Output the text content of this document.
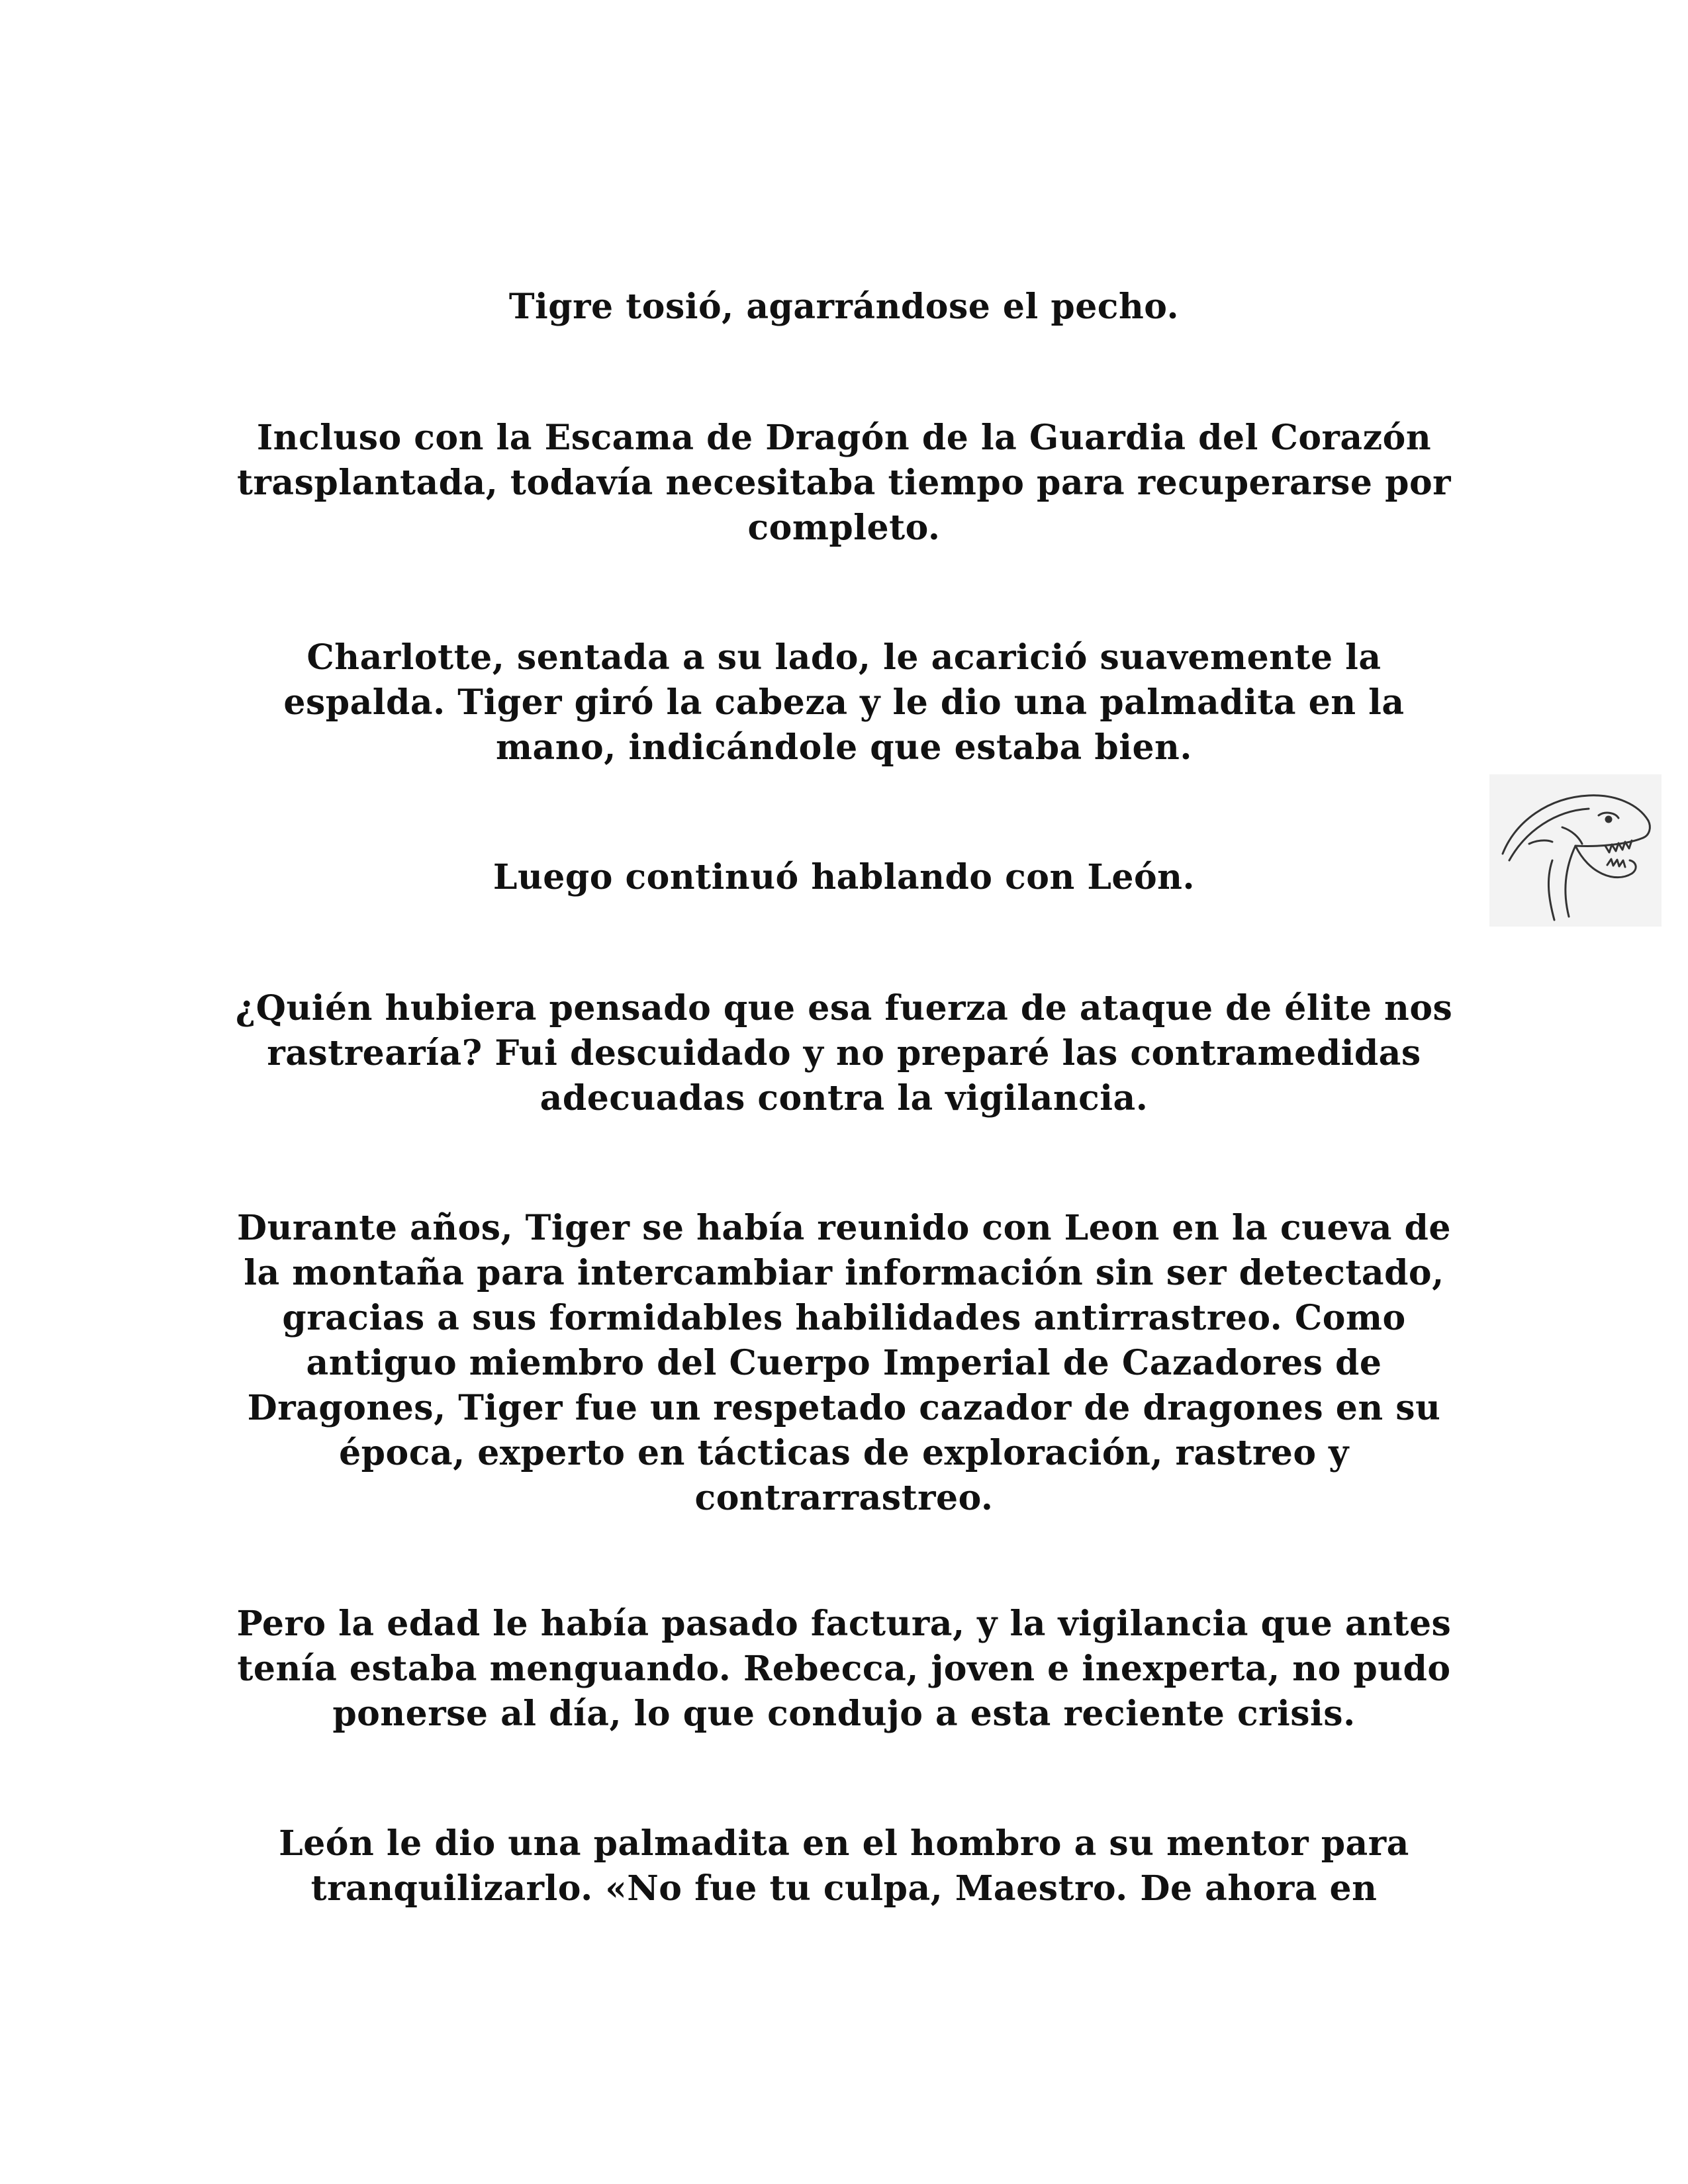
Tigre tosió, agarrándose el pecho.

Incluso con la Escama de Dragón de la Guardia del Corazón
trasplantada, todavía necesitaba tiempo para recuperarse por
completo.

Charlotte, sentada a su lado, le acarició suavemente la
espalda. Tiger giró la cabeza y le dio una palmadita en la
mano, indicándole que estaba bien.

Luego continuó hablando con León.

¿Quién hubiera pensado que esa fuerza de ataque de élite nos
rastrearía? Fui descuidado y no preparé las contramedidas
adecuadas contra la vigilancia.

Durante años, Tiger se había reunido con Leon en la cueva de
la montaña para intercambiar información sin ser detectado,
gracias a sus formidables habilidades antirrastreo. Como
antiguo miembro del Cuerpo Imperial de Cazadores de
Dragones, Tiger fue un respetado cazador de dragones en su
época, experto en tácticas de exploración, rastreo y
contrarrastreo.

Pero la edad le había pasado factura, y la vigilancia que antes
tenía estaba menguando. Rebecca, joven e inexperta, no pudo
ponerse al día, lo que condujo a esta reciente crisis.

León le dio una palmadita en el hombro a su mentor para
tranquilizarlo. «No fue tu culpa, Maestro. De ahora en
